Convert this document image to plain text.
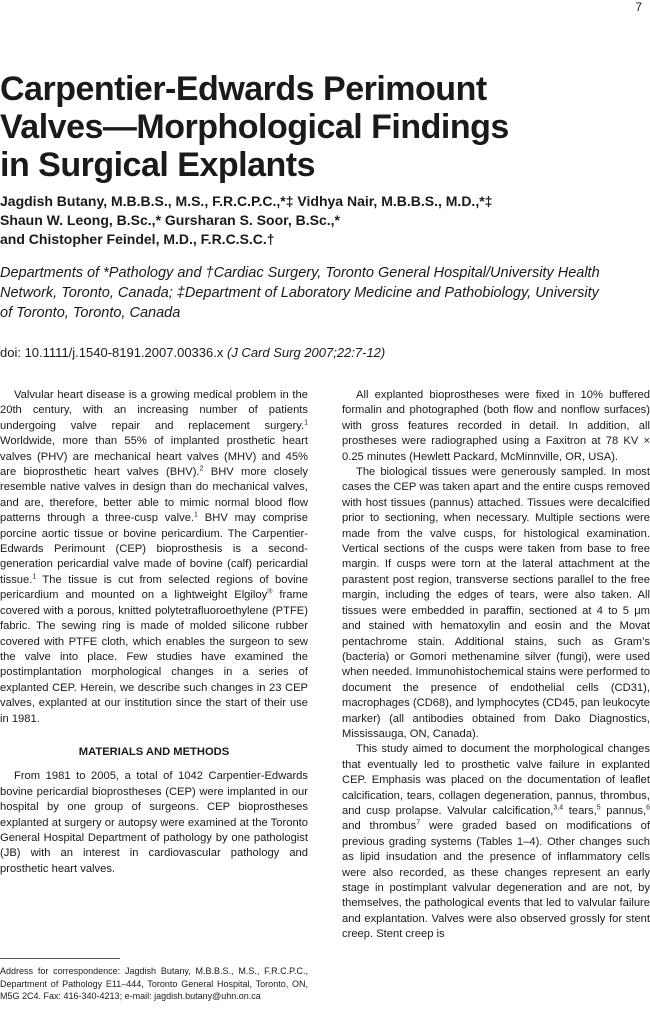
7
Carpentier-Edwards Perimount
Valves—Morphological Findings
in Surgical Explants
Jagdish Butany, M.B.B.S., M.S., F.R.C.P.C.,*‡ Vidhya Nair, M.B.B.S., M.D.,*‡
Shaun W. Leong, B.Sc.,* Gursharan S. Soor, B.Sc.,*
and Chistopher Feindel, M.D., F.R.C.S.C.†
Departments of *Pathology and †Cardiac Surgery, Toronto General Hospital/University Health
Network, Toronto, Canada; ‡Department of Laboratory Medicine and Pathobiology, University
of Toronto, Toronto, Canada
doi: 10.1111/j.1540-8191.2007.00336.x (J Card Surg 2007;22:7-12)

Valvular heart disease is a growing medical problem in the 20th century, with an increasing number of patients undergoing valve repair and replacement surgery.$^1$ Worldwide, more than 55% of implanted prosthetic heart valves (PHV) are mechanical heart valves (MHV) and 45% are bioprosthetic heart valves (BHV).$^2$ BHV more closely resemble native valves in design than do mechanical valves, and are, therefore, better able to mimic normal blood flow patterns through a three-cusp valve.$^1$ BHV may comprise porcine aortic tissue or bovine pericardium. The Carpentier-Edwards Perimount (CEP) bioprosthesis is a second-generation pericardial valve made of bovine (calf) pericardial tissue.$^1$ The tissue is cut from selected regions of bovine pericardium and mounted on a lightweight Elgiloy® frame covered with a porous, knitted polytetrafluoroethylene (PTFE) fabric. The sewing ring is made of molded silicone rubber covered with PTFE cloth, which enables the surgeon to sew the valve into place. Few studies have examined the postimplantation morphological changes in a series of explanted CEP. Herein, we describe such changes in 23 CEP valves, explanted at our institution since the start of their use in 1981.

MATERIALS AND METHODS

From 1981 to 2005, a total of 1042 Carpentier-Edwards bovine pericardial bioprostheses (CEP) were implanted in our hospital by one group of surgeons. CEP bioprostheses explanted at surgery or autopsy were examined at the Toronto General Hospital Department of pathology by one pathologist (JB) with an interest in cardiovascular pathology and prosthetic heart valves.

Address for correspondence: Jagdish Butany, M.B.B.S., M.S., F.R.C.P.C., Department of Pathology E11–444, Toronto General Hospital, Toronto, ON, M5G 2C4. Fax: 416-340-4213; e-mail: jagdish.butany@uhn.on.ca

All explanted bioprostheses were fixed in 10% buffered formalin and photographed (both flow and nonflow surfaces) with gross features recorded in detail. In addition, all prostheses were radiographed using a Faxitron at 78 KV × 0.25 minutes (Hewlett Packard, McMinnville, OR, USA).

The biological tissues were generously sampled. In most cases the CEP was taken apart and the entire cusps removed with host tissues (pannus) attached. Tissues were decalcified prior to sectioning, when necessary. Multiple sections were made from the valve cusps, for histological examination. Vertical sections of the cusps were taken from base to free margin. If cusps were torn at the lateral attachment at the parastent post region, transverse sections parallel to the free margin, including the edges of tears, were also taken. All tissues were embedded in paraffin, sectioned at 4 to 5 μm and stained with hematoxylin and eosin and the Movat pentachrome stain. Additional stains, such as Gram’s (bacteria) or Gomori methenamine silver (fungi), were used when needed. Immunohistochemical stains were performed to document the presence of endothelial cells (CD31), macrophages (CD68), and lymphocytes (CD45, pan leukocyte marker) (all antibodies obtained from Dako Diagnostics, Mississauga, ON, Canada).

This study aimed to document the morphological changes that eventually led to prosthetic valve failure in explanted CEP. Emphasis was placed on the documentation of leaflet calcification, tears, collagen degeneration, pannus, thrombus, and cusp prolapse. Valvular calcification,$^{3,4}$ tears,$^5$ pannus,$^6$ and thrombus$^7$ were graded based on modifications of previous grading systems (Tables 1–4). Other changes such as lipid insudation and the presence of inflammatory cells were also recorded, as these changes represent an early stage in postimplant valvular degeneration and are not, by themselves, the pathological events that led to valvular failure and explantation. Valves were also observed grossly for stent creep. Stent creep is
